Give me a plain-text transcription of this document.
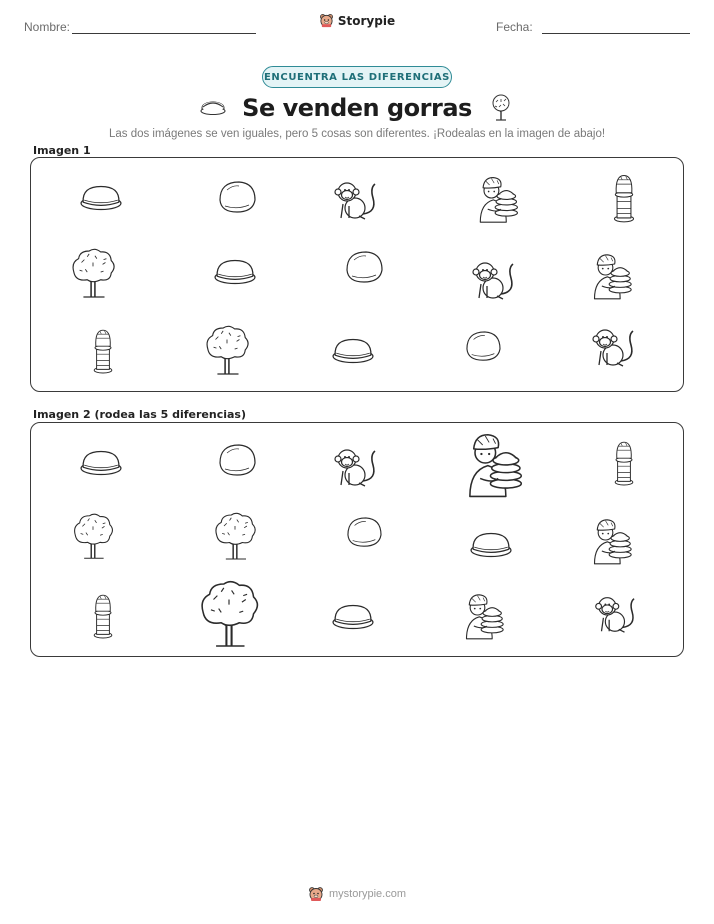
Nombre:	Storypie	Fecha:
ENCUENTRA LAS DIFERENCIAS
Se venden gorras
Las dos imágenes se ven iguales, pero 5 cosas son diferentes. ¡Rodealas en la imagen de abajo!
Imagen 1
Imagen 2 (rodea las 5 diferencias)
mystorypie.com
